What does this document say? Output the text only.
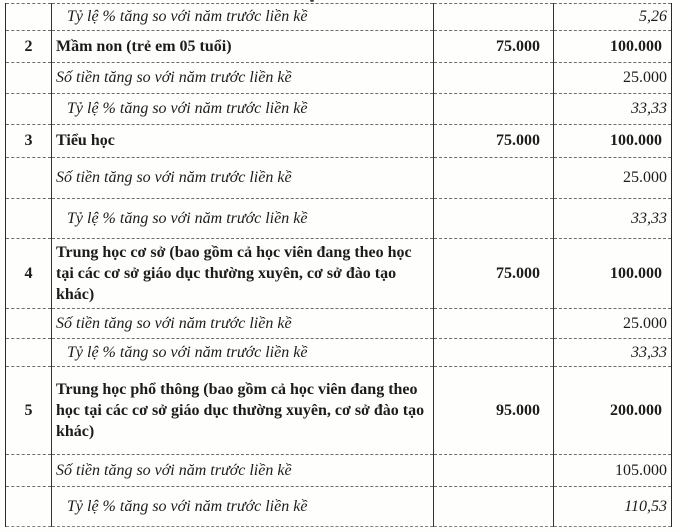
	Tỷ lệ % tăng so với năm trước liền kề		5,26
2	Mầm non (trẻ em 05 tuổi)	75.000	100.000
	Số tiền tăng so với năm trước liền kề		25.000
	Tỷ lệ % tăng so với năm trước liền kề		33,33
3	Tiểu học	75.000	100.000
	Số tiền tăng so với năm trước liền kề		25.000
	Tỷ lệ % tăng so với năm trước liền kề		33,33
4	Trung học cơ sở (bao gồm cả học viên đang theo học tại các cơ sở giáo dục thường xuyên, cơ sở đào tạo khác)	75.000	100.000
	Số tiền tăng so với năm trước liền kề		25.000
	Tỷ lệ % tăng so với năm trước liền kề		33,33
5	Trung học phổ thông (bao gồm cả học viên đang theo học tại các cơ sở giáo dục thường xuyên, cơ sở đào tạo khác)	95.000	200.000
	Số tiền tăng so với năm trước liền kề		105.000
	Tỷ lệ % tăng so với năm trước liền kề		110,53
